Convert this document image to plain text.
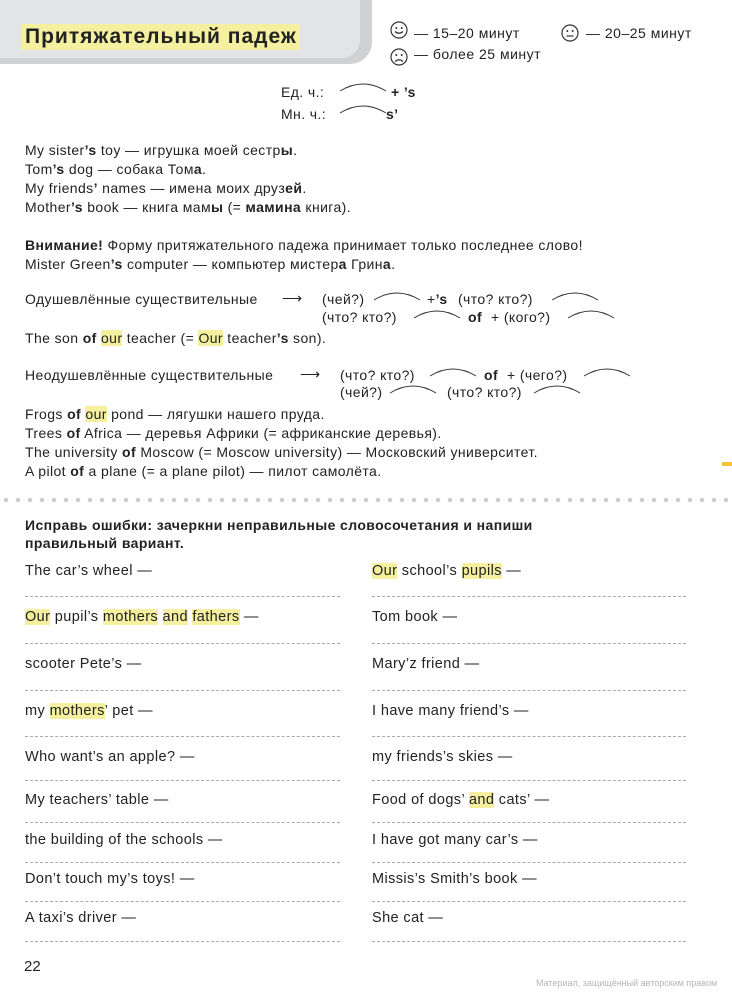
Притяжательный падеж	— 15–20 минут	— 20–25 минут
— более 25 минут
Ед. ч.:	+ ’s
Мн. ч.:	s’
My sister’s toy — игрушка моей сестры.
Tom’s dog — собака Тома.
My friends’ names — имена моих друзей.
Mother’s book — книга мамы (= мамина книга).
Внимание! Форму притяжательного падежа принимает только последнее слово!
Mister Green’s computer — компьютер мистера Грина.
Одушевлённые существительные ⟶ (чей?)	+’s (что? кто?)
(что? кто?)	of + (кого?)
The son of our teacher (= Our teacher’s son).
Неодушевлённые существительные ⟶ (что? кто?)	of + (чего?)
(чей?)	(что? кто?)
Frogs of our pond — лягушки нашего пруда.
Trees of Africa — деревья Африки (= африканские деревья).
The university of Moscow (= Moscow university) — Московский университет.
A pilot of a plane (= a plane pilot) — пилот самолёта.
Исправь ошибки: зачеркни неправильные словосочетания и напиши
правильный вариант.
The car’s wheel —
Our pupil’s mothers and fathers —
scooter Pete’s —
my mothers’ pet —
Who want’s an apple? —
My teachers’ table —
the building of the schools —
Don’t touch my’s toys! —
A taxi’s driver —
Our school’s pupils —
Tom book —
Mary’z friend —
I have many friend’s —
my friends’s skies —
Food of dogs’ and cats’ —
I have got many car’s —
Missis’s Smith’s book —
She cat —
22
Материал, защищённый авторским правом
